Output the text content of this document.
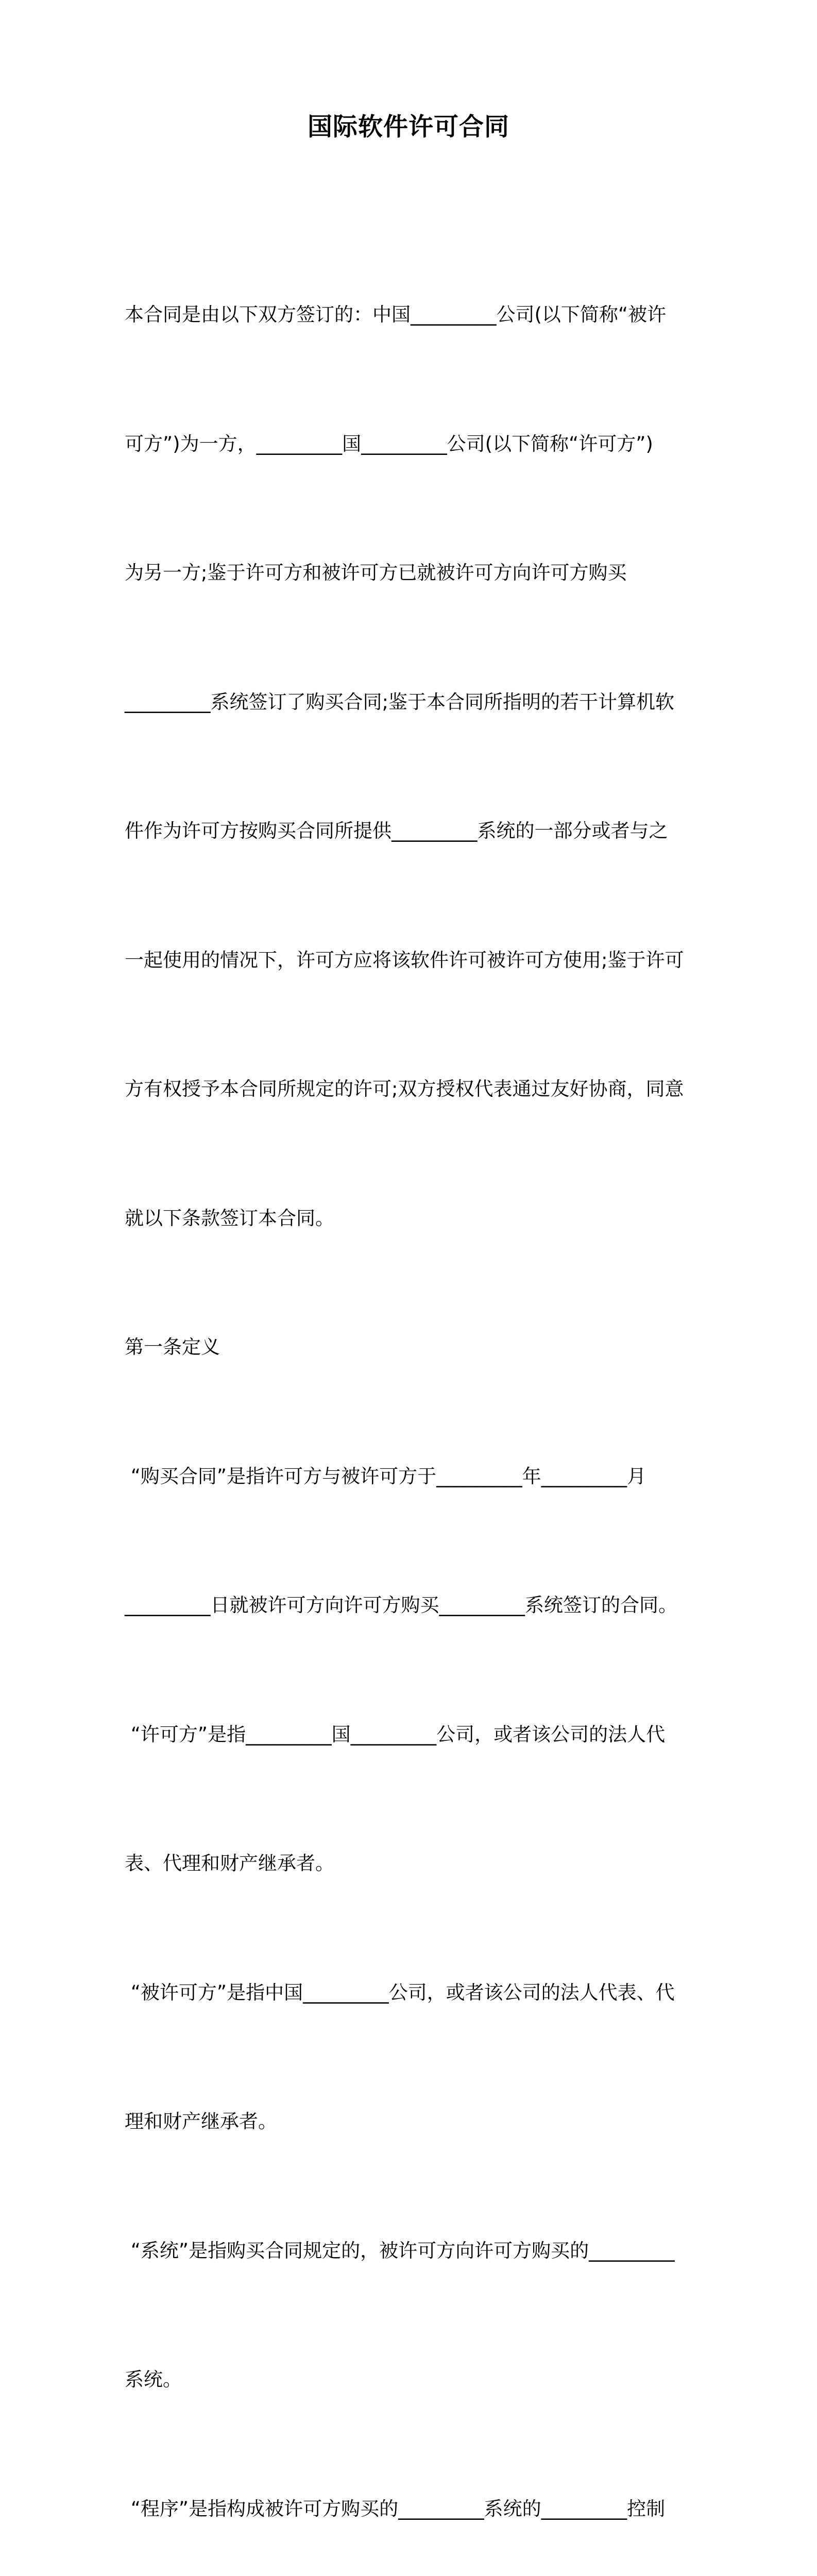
国际软件许可合同

本合同是由以下双方签订的：中国_________公司(以下简称“被许

可方”)为一方，_________国_________公司(以下简称“许可方”)

为另一方;鉴于许可方和被许可方已就被许可方向许可方购买

_________系统签订了购买合同;鉴于本合同所指明的若干计算机软

件作为许可方按购买合同所提供_________系统的一部分或者与之

一起使用的情况下，许可方应将该软件许可被许可方使用;鉴于许可

方有权授予本合同所规定的许可;双方授权代表通过友好协商，同意

就以下条款签订本合同。

第一条定义

“购买合同”是指许可方与被许可方于_________年_________月

_________日就被许可方向许可方购买_________系统签订的合同。

“许可方”是指_________国_________公司，或者该公司的法人代

表、代理和财产继承者。

“被许可方”是指中国_________公司，或者该公司的法人代表、代

理和财产继承者。

“系统”是指购买合同规定的，被许可方向许可方购买的_________

系统。

“程序”是指构成被许可方购买的_________系统的_________控制
